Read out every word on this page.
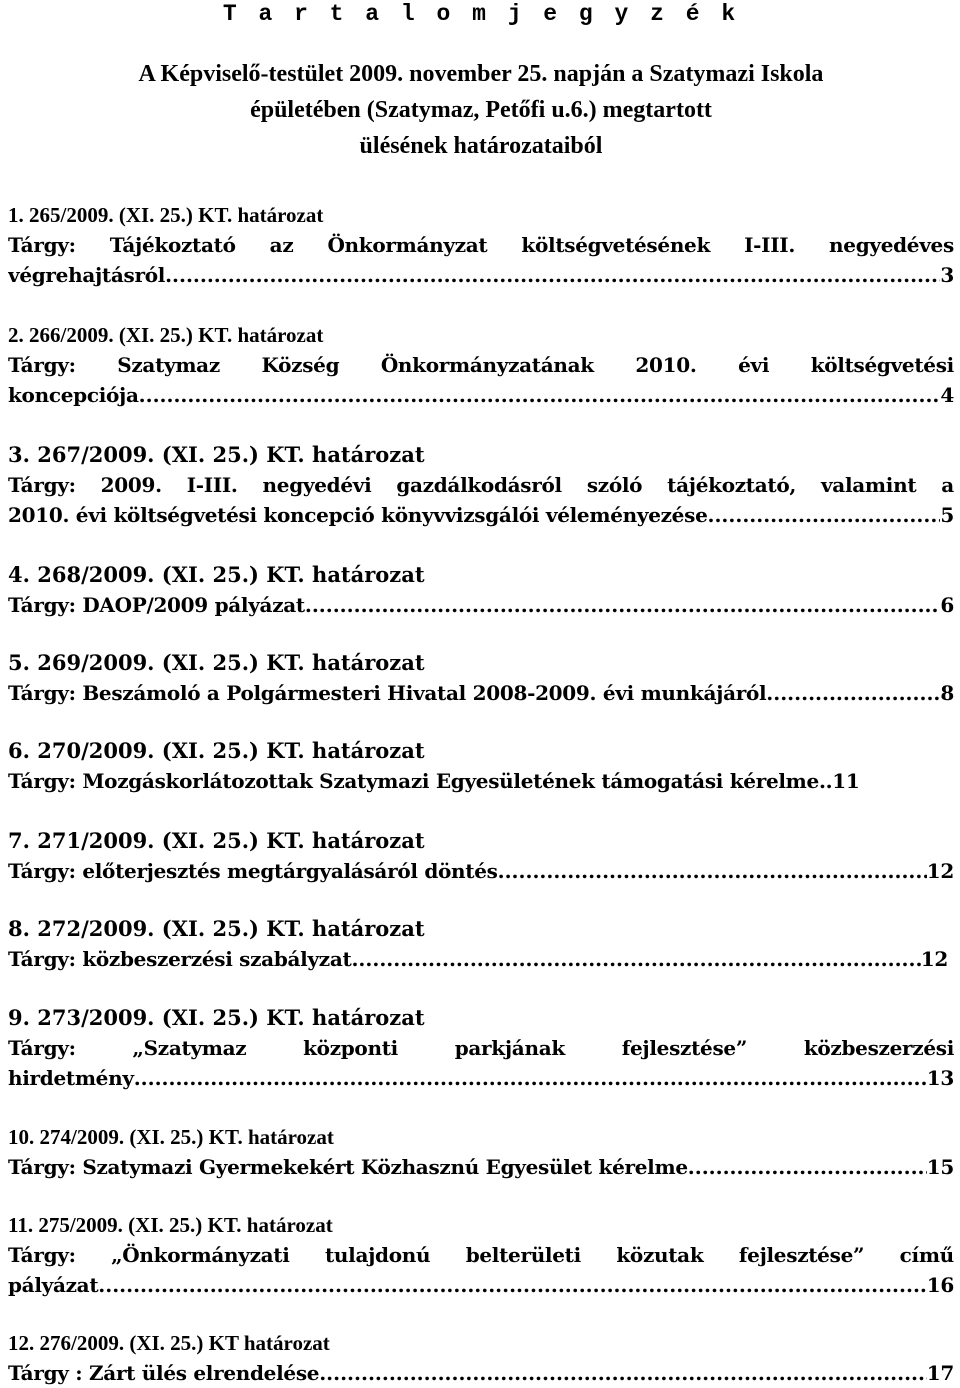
T a r t a l o m j e g y z é k
A Képviselő-testület 2009. november 25. napján a Szatymazi Iskola
épületében (Szatymaz, Petőfi u.6.) megtartott
ülésének határozataiból
1. 265/2009. (XI. 25.) KT. határozat
Tárgy: Tájékoztató az Önkormányzat költségvetésének I-III. negyedéves
végrehajtásról .....	3
2. 266/2009. (XI. 25.) KT. határozat
Tárgy: Szatymaz Község Önkormányzatának 2010. évi költségvetési
koncepciója .....	4
3. 267/2009. (XI. 25.) KT. határozat
Tárgy: 2009. I-III. negyedévi gazdálkodásról szóló tájékoztató, valamint a
2010. évi költségvetési koncepció könyvvizsgálói véleményezése .....	5
4. 268/2009. (XI. 25.) KT. határozat
Tárgy: DAOP/2009 pályázat .....	6
5. 269/2009. (XI. 25.) KT. határozat
Tárgy: Beszámoló a Polgármesteri Hivatal 2008-2009. évi munkájáról .....	8
6. 270/2009. (XI. 25.) KT. határozat
Tárgy: Mozgáskorlátozottak Szatymazi Egyesületének támogatási kérelme.. 11
7. 271/2009. (XI. 25.) KT. határozat
Tárgy: előterjesztés megtárgyalásáról döntés .....	12
8. 272/2009. (XI. 25.) KT. határozat
Tárgy: közbeszerzési szabályzat .....	12
9. 273/2009. (XI. 25.) KT. határozat
Tárgy:	„Szatymaz	központi	parkjának	fejlesztése”	közbeszerzési
hirdetmény .....	13
10. 274/2009. (XI. 25.) KT. határozat
Tárgy: Szatymazi Gyermekekért Közhasznú Egyesület kérelme .....	15
11. 275/2009. (XI. 25.) KT. határozat
Tárgy: „Önkormányzati tulajdonú belterületi közutak fejlesztése” című
pályázat .....	16
12. 276/2009. (XI. 25.) KT határozat
Tárgy : Zárt ülés elrendelése .....	17
